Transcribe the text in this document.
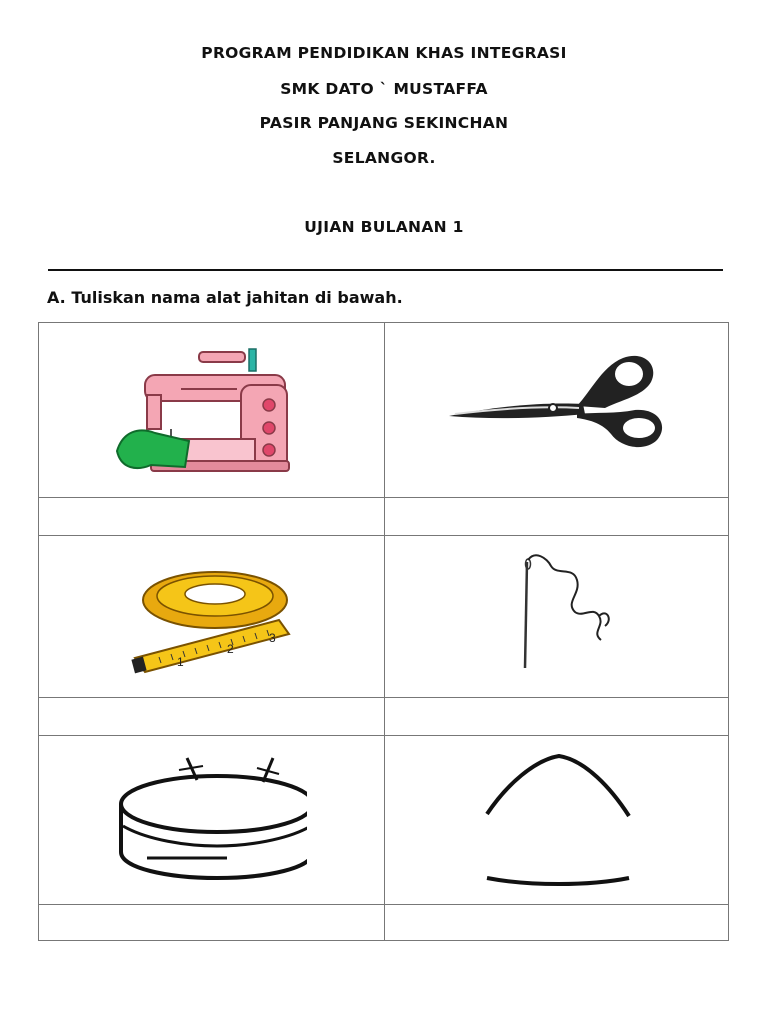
PROGRAM PENDIDIKAN KHAS INTEGRASI
SMK DATO ` MUSTAFFA
PASIR PANJANG SEKINCHAN
SELANGOR.
UJIAN BULANAN 1
A. Tuliskan nama alat jahitan di bawah.
1
2
3
